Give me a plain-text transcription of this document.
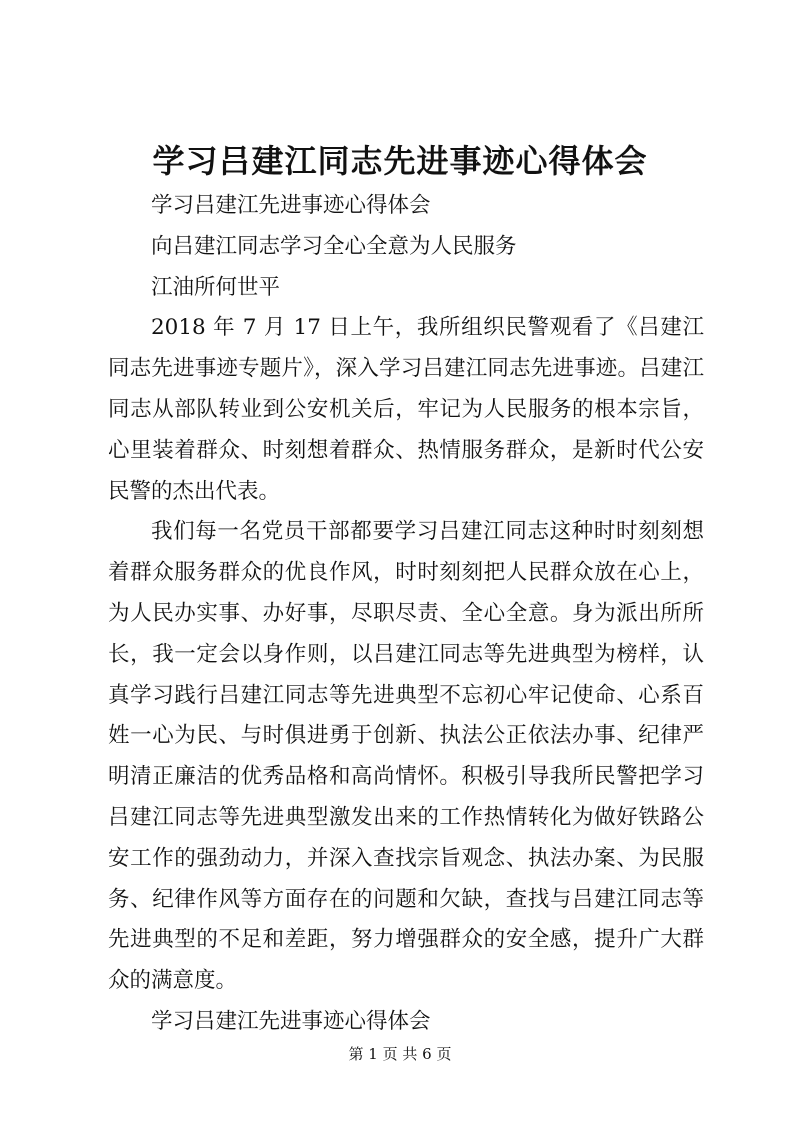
学习吕建江同志先进事迹心得体会

学习吕建江先进事迹心得体会

向吕建江同志学习全心全意为人民服务

江油所何世平

2018 年 7 月 17 日上午，我所组织民警观看了《吕建江同志先进事迹专题片》，深入学习吕建江同志先进事迹。吕建江同志从部队转业到公安机关后，牢记为人民服务的根本宗旨，心里装着群众、时刻想着群众、热情服务群众，是新时代公安民警的杰出代表。

我们每一名党员干部都要学习吕建江同志这种时时刻刻想着群众服务群众的优良作风，时时刻刻把人民群众放在心上，为人民办实事、办好事，尽职尽责、全心全意。身为派出所所长，我一定会以身作则，以吕建江同志等先进典型为榜样，认真学习践行吕建江同志等先进典型不忘初心牢记使命、心系百姓一心为民、与时俱进勇于创新、执法公正依法办事、纪律严明清正廉洁的优秀品格和高尚情怀。积极引导我所民警把学习吕建江同志等先进典型激发出来的工作热情转化为做好铁路公安工作的强劲动力，并深入查找宗旨观念、执法办案、为民服务、纪律作风等方面存在的问题和欠缺，查找与吕建江同志等先进典型的不足和差距，努力增强群众的安全感，提升广大群众的满意度。

学习吕建江先进事迹心得体会

第 1 页 共 6 页
